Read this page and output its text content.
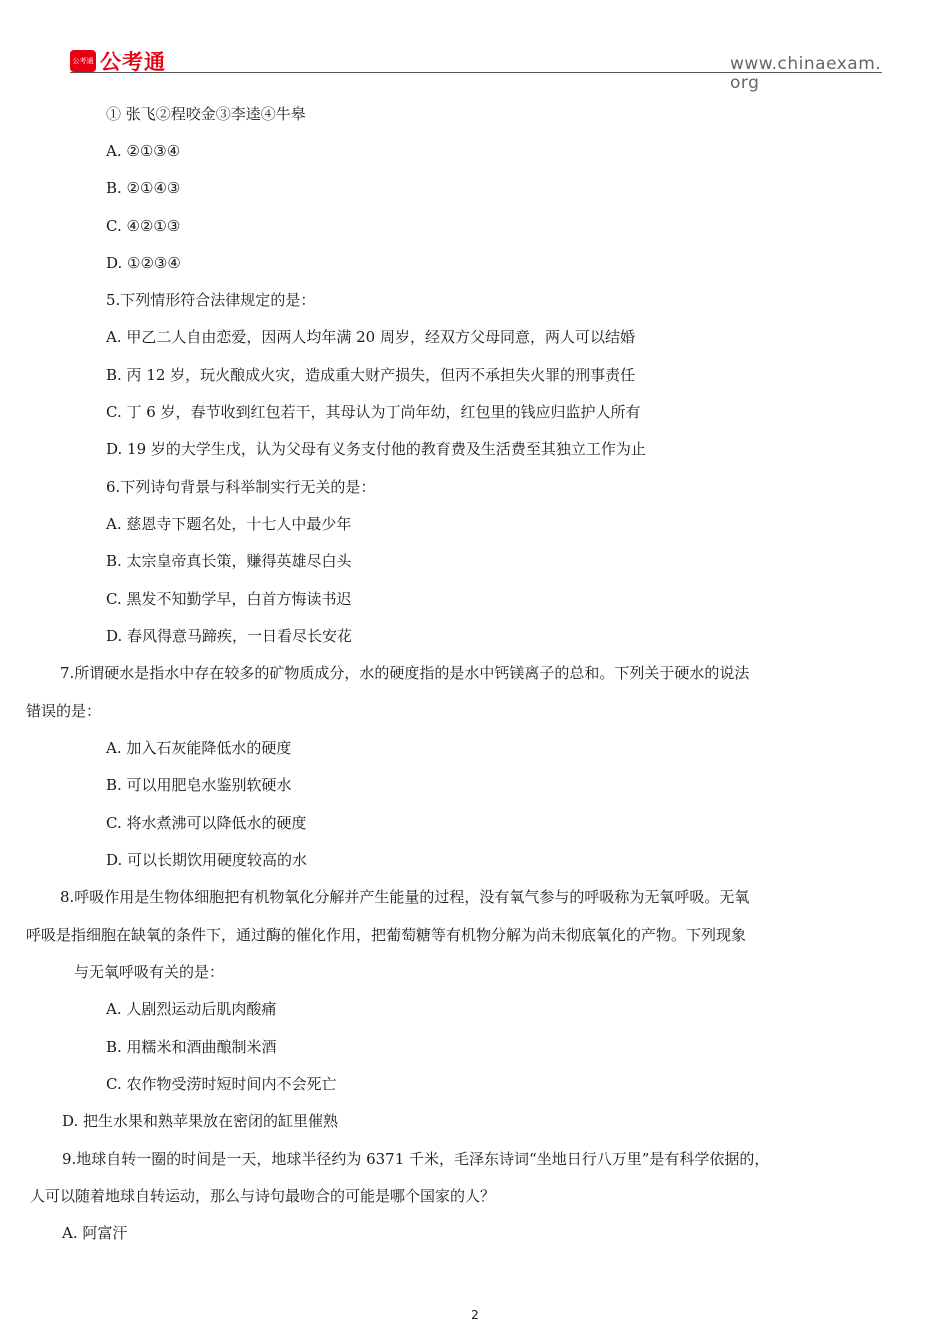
公考通 公考通	www.chinaexam.org
① 张飞②程咬金③李逵④牛皋
A. ②①③④
B. ②①④③
C. ④②①③
D. ①②③④
5.下列情形符合法律规定的是：
A. 甲乙二人自由恋爱，因两人均年满 20 周岁，经双方父母同意，两人可以结婚
B. 丙 12 岁，玩火酿成火灾，造成重大财产损失，但丙不承担失火罪的刑事责任
C. 丁 6 岁，春节收到红包若干，其母认为丁尚年幼，红包里的钱应归监护人所有
D. 19 岁的大学生戊，认为父母有义务支付他的教育费及生活费至其独立工作为止
6.下列诗句背景与科举制实行无关的是：
A. 慈恩寺下题名处，十七人中最少年
B. 太宗皇帝真长策，赚得英雄尽白头
C. 黑发不知勤学早，白首方悔读书迟
D. 春风得意马蹄疾，一日看尽长安花
7.所谓硬水是指水中存在较多的矿物质成分，水的硬度指的是水中钙镁离子的总和。下列关于硬水的说法
错误的是：
A. 加入石灰能降低水的硬度
B. 可以用肥皂水鉴别软硬水
C. 将水煮沸可以降低水的硬度
D. 可以长期饮用硬度较高的水
8.呼吸作用是生物体细胞把有机物氧化分解并产生能量的过程，没有氧气参与的呼吸称为无氧呼吸。无氧
呼吸是指细胞在缺氧的条件下，通过酶的催化作用，把葡萄糖等有机物分解为尚未彻底氧化的产物。下列现象
与无氧呼吸有关的是：
A. 人剧烈运动后肌肉酸痛
B. 用糯米和酒曲酿制米酒
C. 农作物受涝时短时间内不会死亡
D. 把生水果和熟苹果放在密闭的缸里催熟
9.地球自转一圈的时间是一天，地球半径约为 6371 千米，毛泽东诗词“坐地日行八万里”是有科学依据的，
人可以随着地球自转运动，那么与诗句最吻合的可能是哪个国家的人？
A. 阿富汗
2
